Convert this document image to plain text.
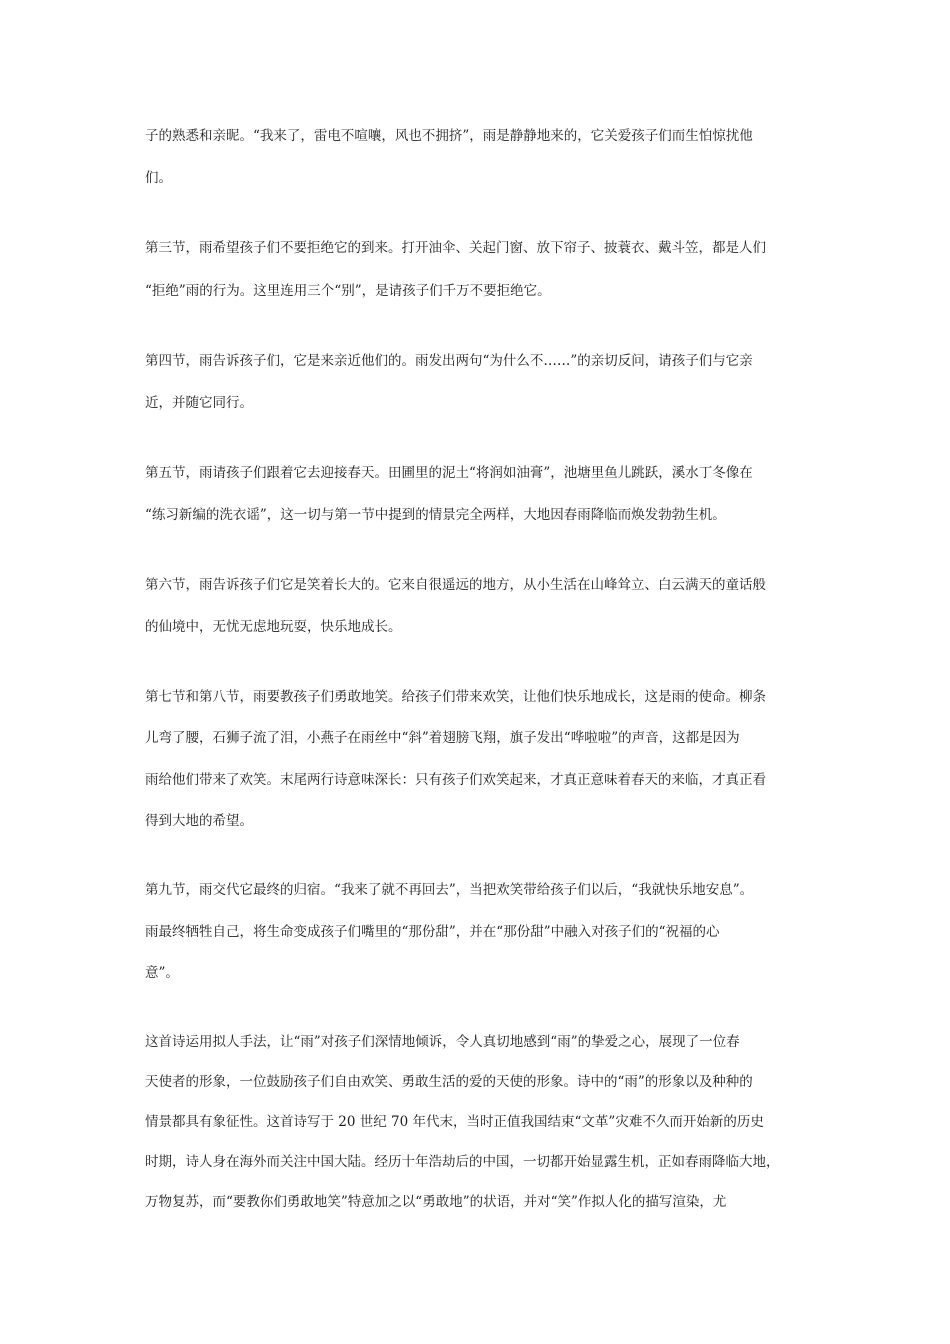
子的熟悉和亲昵。“我来了，雷电不喧嚷，风也不拥挤”，雨是静静地来的，它关爱孩子们而生怕惊扰他
们。
第三节，雨希望孩子们不要拒绝它的到来。打开油伞、关起门窗、放下帘子、披蓑衣、戴斗笠，都是人们
“拒绝”雨的行为。这里连用三个“别”，是请孩子们千万不要拒绝它。
第四节，雨告诉孩子们，它是来亲近他们的。雨发出两句“为什么不……”的亲切反问，请孩子们与它亲
近，并随它同行。
第五节，雨请孩子们跟着它去迎接春天。田圃里的泥土“将润如油膏”，池塘里鱼儿跳跃，溪水丁冬像在
“练习新编的洗衣谣”，这一切与第一节中提到的情景完全两样，大地因春雨降临而焕发勃勃生机。
第六节，雨告诉孩子们它是笑着长大的。它来自很遥远的地方，从小生活在山峰耸立、白云满天的童话般
的仙境中，无忧无虑地玩耍，快乐地成长。
第七节和第八节，雨要教孩子们勇敢地笑。给孩子们带来欢笑，让他们快乐地成长，这是雨的使命。柳条
儿弯了腰，石狮子流了泪，小燕子在雨丝中“斜”着翅膀飞翔，旗子发出“哗啦啦”的声音，这都是因为
雨给他们带来了欢笑。末尾两行诗意味深长：只有孩子们欢笑起来，才真正意味着春天的来临，才真正看
得到大地的希望。
第九节，雨交代它最终的归宿。“我来了就不再回去”，当把欢笑带给孩子们以后，“我就快乐地安息”。
雨最终牺牲自己，将生命变成孩子们嘴里的“那份甜”，并在“那份甜”中融入对孩子们的“祝福的心
意”。
这首诗运用拟人手法，让“雨”对孩子们深情地倾诉，令人真切地感到“雨”的挚爱之心，展现了一位春
天使者的形象，一位鼓励孩子们自由欢笑、勇敢生活的爱的天使的形象。诗中的“雨”的形象以及种种的
情景都具有象征性。这首诗写于 20 世纪 70 年代末，当时正值我国结束“文革”灾难不久而开始新的历史
时期，诗人身在海外而关注中国大陆。经历十年浩劫后的中国，一切都开始显露生机，正如春雨降临大地，
万物复苏，而“要教你们勇敢地笑”特意加之以“勇敢地”的状语，并对“笑”作拟人化的描写渲染，尤
